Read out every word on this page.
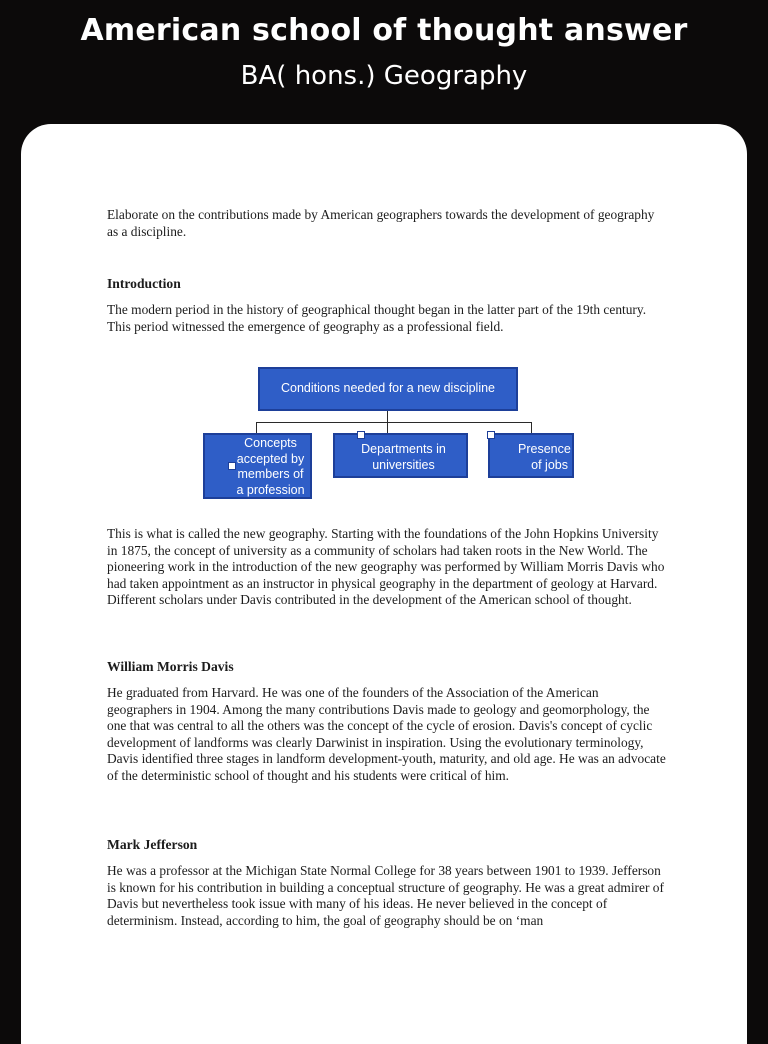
American school of thought answer
BA( hons.) Geography
Elaborate on the contributions made by American geographers towards the development of geography as a discipline.
Introduction
The modern period in the history of geographical thought began in the latter part of the 19th century. This period witnessed the emergence of geography as a professional field.
Conditions needed for a new discipline
Concepts accepted by members of a profession
Departments in universities
Presence of jobs
This is what is called the new geography. Starting with the foundations of the John Hopkins University in 1875, the concept of university as a community of scholars had taken roots in the New World. The pioneering work in the introduction of the new geography was performed by William Morris Davis who had taken appointment as an instructor in physical geography in the department of geology at Harvard. Different scholars under Davis contributed in the development of the American school of thought.
William Morris Davis
He graduated from Harvard. He was one of the founders of the Association of the American geographers in 1904. Among the many contributions Davis made to geology and geomorphology, the one that was central to all the others was the concept of the cycle of erosion. Davis's concept of cyclic development of landforms was clearly Darwinist in inspiration. Using the evolutionary terminology, Davis identified three stages in landform development-youth, maturity, and old age. He was an advocate of the deterministic school of thought and his students were critical of him.
Mark Jefferson
He was a professor at the Michigan State Normal College for 38 years between 1901 to 1939. Jefferson is known for his contribution in building a conceptual structure of geography. He was a great admirer of Davis but nevertheless took issue with many of his ideas. He never believed in the concept of determinism. Instead, according to him, the goal of geography should be on ‘man
